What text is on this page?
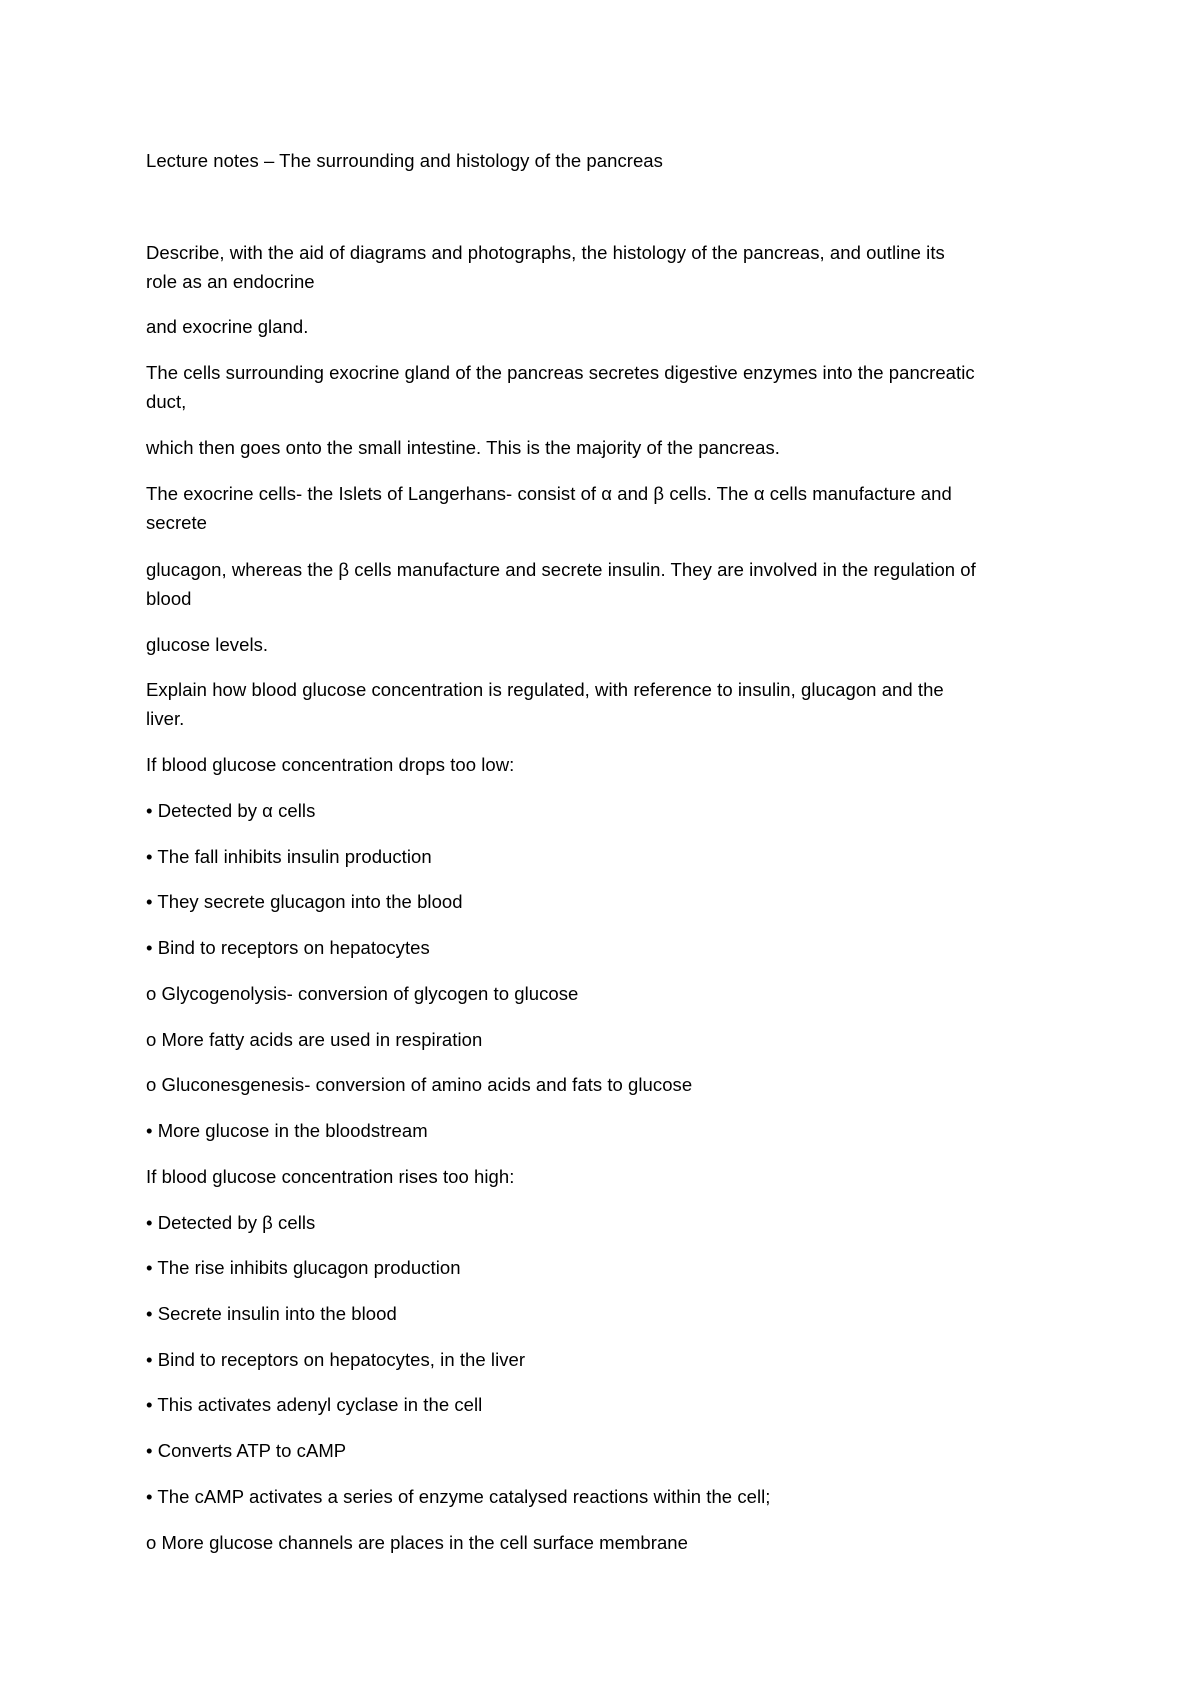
Lecture notes – The surrounding and histology of the pancreas
Describe, with the aid of diagrams and photographs, the histology of the pancreas, and outline its
role as an endocrine
and exocrine gland.
The cells surrounding exocrine gland of the pancreas secretes digestive enzymes into the pancreatic
duct,
which then goes onto the small intestine. This is the majority of the pancreas.
The exocrine cells- the Islets of Langerhans- consist of α and β cells. The α cells manufacture and
secrete
glucagon, whereas the β cells manufacture and secrete insulin. They are involved in the regulation of
blood
glucose levels.
Explain how blood glucose concentration is regulated, with reference to insulin, glucagon and the
liver.
If blood glucose concentration drops too low:
• Detected by α cells
• The fall inhibits insulin production
• They secrete glucagon into the blood
• Bind to receptors on hepatocytes
o Glycogenolysis- conversion of glycogen to glucose
o More fatty acids are used in respiration
o Gluconesgenesis- conversion of amino acids and fats to glucose
• More glucose in the bloodstream
If blood glucose concentration rises too high:
• Detected by β cells
• The rise inhibits glucagon production
• Secrete insulin into the blood
• Bind to receptors on hepatocytes, in the liver
• This activates adenyl cyclase in the cell
• Converts ATP to cAMP
• The cAMP activates a series of enzyme catalysed reactions within the cell;
o More glucose channels are places in the cell surface membrane
